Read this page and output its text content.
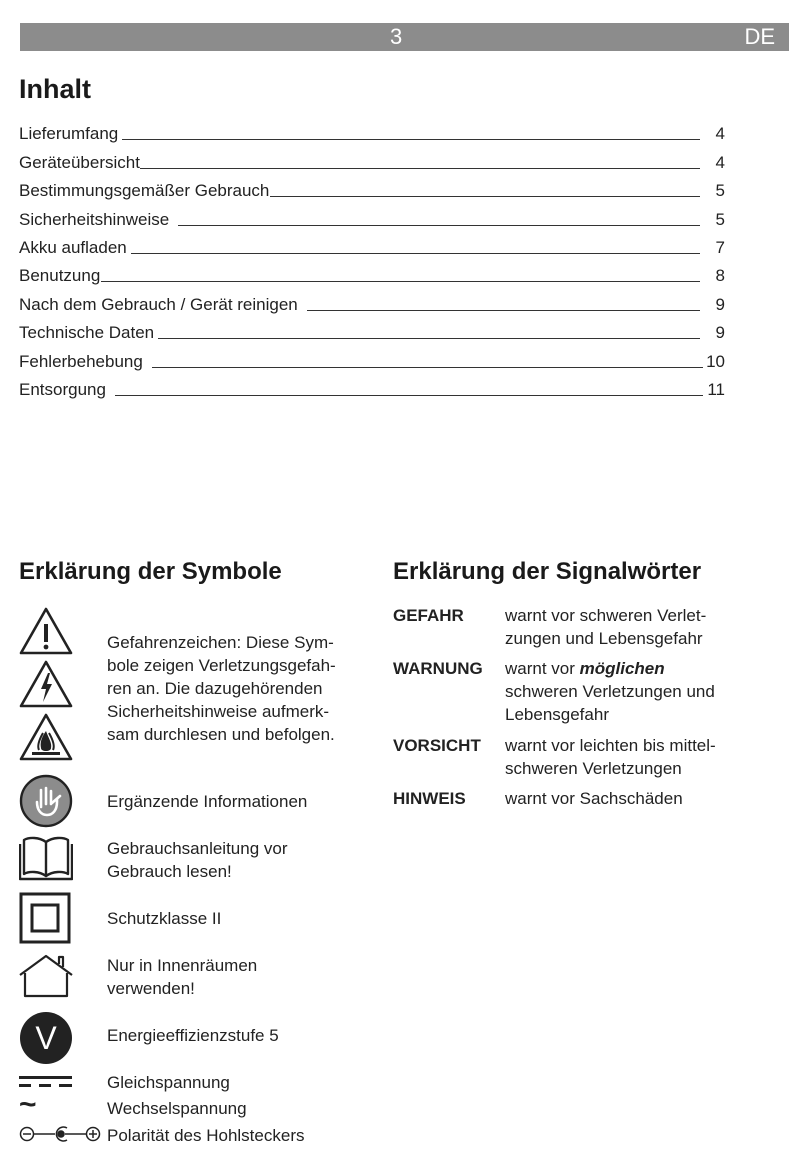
3	DE
Inhalt
Lieferumfang	4
Geräteübersicht	4
Bestimmungsgemäßer Gebrauch	5
Sicherheitshinweise	5
Akku aufladen	7
Benutzung	8
Nach dem Gebrauch / Gerät reinigen	9
Technische Daten	9
Fehlerbehebung	10
Entsorgung	11
Erklärung der Symbole
Gefahrenzeichen: Diese Sym-
bole zeigen Verletzungsgefah-
ren an. Die dazugehörenden
Sicherheitshinweise aufmerk-
sam durchlesen und befolgen.
Ergänzende Informationen
Gebrauchsanleitung vor
Gebrauch lesen!
Schutzklasse II
Nur in Innenräumen
verwenden!
V	Energieeffizienzstufe 5
Gleichspannung
~	Wechselspannung
Polarität des Hohlsteckers
Erklärung der Signalwörter
GEFAHR warnt vor schweren Verlet-
zungen und Lebensgefahr
WARNUNG warnt vor möglichen
schweren Verletzungen und
Lebensgefahr
VORSICHT warnt vor leichten bis mittel-
schweren Verletzungen
HINWEIS warnt vor Sachschäden
